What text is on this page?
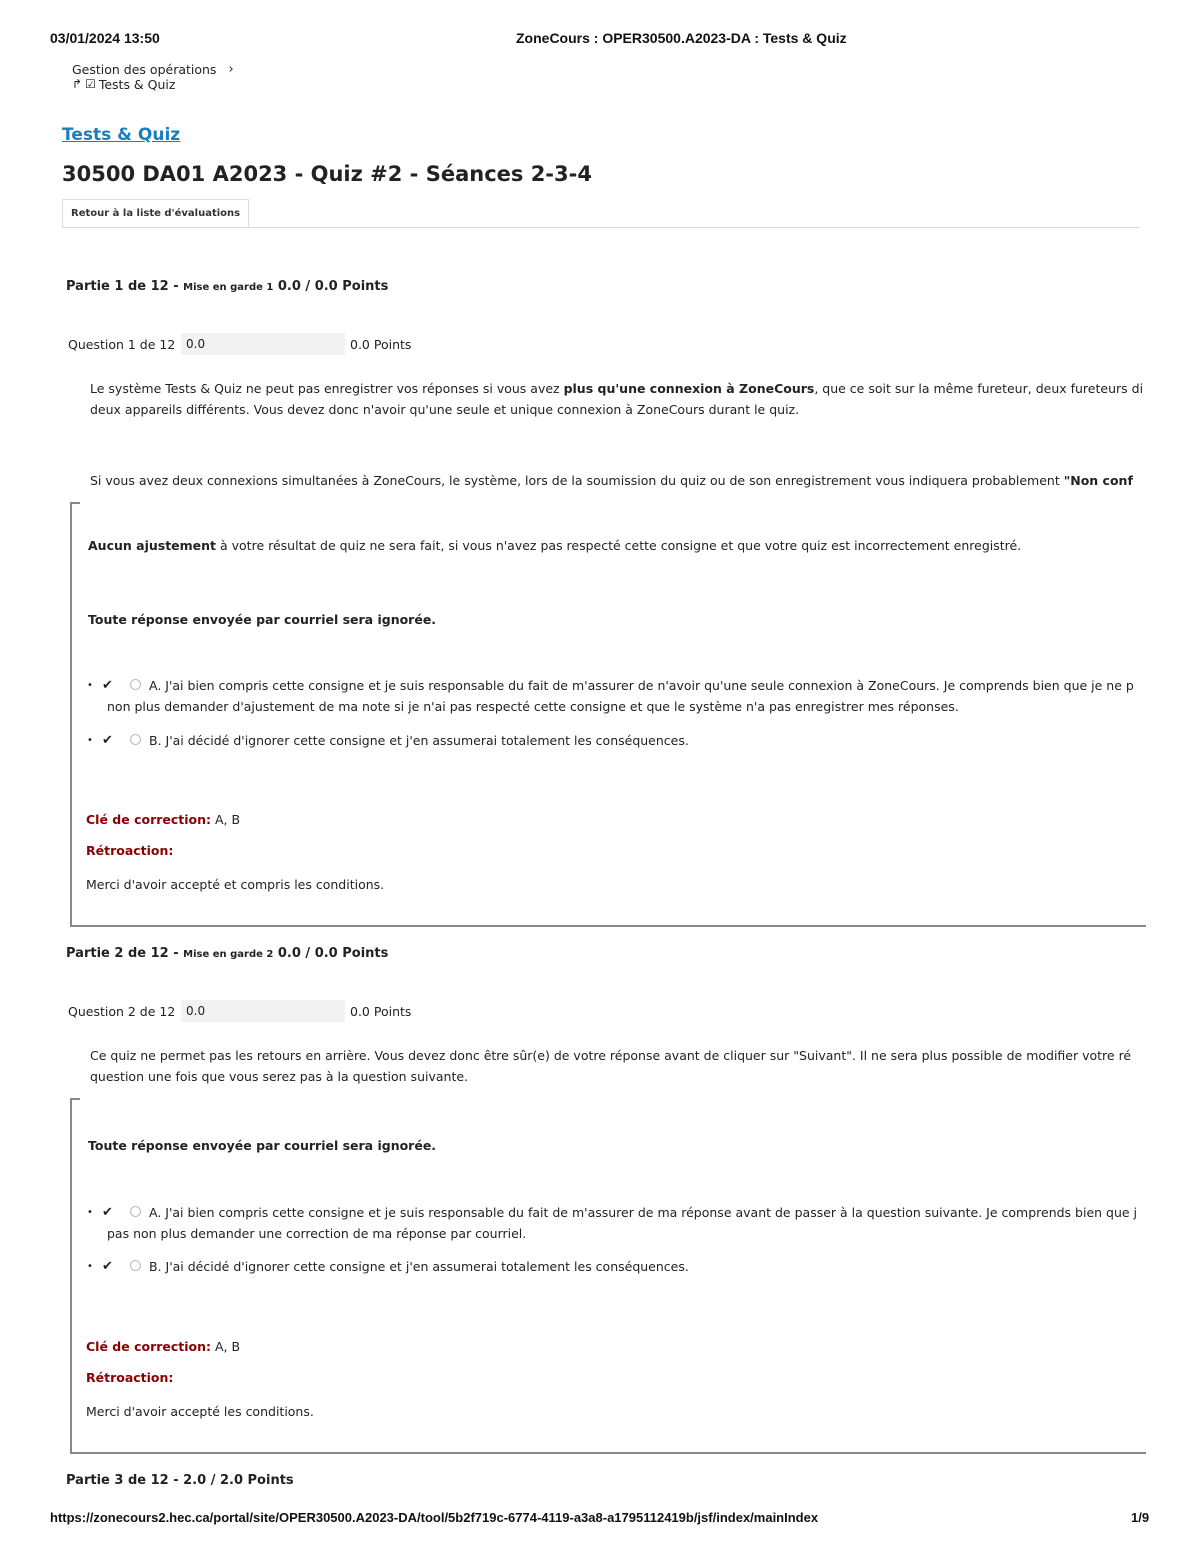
03/01/2024 13:50	ZoneCours : OPER30500.A2023-DA : Tests & Quiz
Gestion des opérations ›
↱ ☑ Tests & Quiz
Tests & Quiz
30500 DA01 A2023 - Quiz #2 - Séances 2-3-4
Retour à la liste d'évaluations
Partie 1 de 12 - Mise en garde 1 0.0 / 0.0 Points
Question 1 de 12
0.0	0.0 Points
Le système Tests & Quiz ne peut pas enregistrer vos réponses si vous avez plus qu'une connexion à ZoneCours, que ce soit sur la même fureteur, deux fureteurs di
deux appareils différents. Vous devez donc n'avoir qu'une seule et unique connexion à ZoneCours durant le quiz.
Si vous avez deux connexions simultanées à ZoneCours, le système, lors de la soumission du quiz ou de son enregistrement vous indiquera probablement "Non conf
Aucun ajustement à votre résultat de quiz ne sera fait, si vous n'avez pas respecté cette consigne et que votre quiz est incorrectement enregistré.
Toute réponse envoyée par courriel sera ignorée.
• ✔	A. J'ai bien compris cette consigne et je suis responsable du fait de m'assurer de n'avoir qu'une seule connexion à ZoneCours. Je comprends bien que je ne p
non plus demander d'ajustement de ma note si je n'ai pas respecté cette consigne et que le système n'a pas enregistrer mes réponses.
• ✔	B. J'ai décidé d'ignorer cette consigne et j'en assumerai totalement les conséquences.
Clé de correction: A, B
Rétroaction:
Merci d'avoir accepté et compris les conditions.
Partie 2 de 12 - Mise en garde 2 0.0 / 0.0 Points
Question 2 de 12
0.0	0.0 Points
Ce quiz ne permet pas les retours en arrière. Vous devez donc être sûr(e) de votre réponse avant de cliquer sur "Suivant". Il ne sera plus possible de modifier votre ré
question une fois que vous serez pas à la question suivante.
Toute réponse envoyée par courriel sera ignorée.
• ✔	A. J'ai bien compris cette consigne et je suis responsable du fait de m'assurer de ma réponse avant de passer à la question suivante. Je comprends bien que j
pas non plus demander une correction de ma réponse par courriel.
• ✔	B. J'ai décidé d'ignorer cette consigne et j'en assumerai totalement les conséquences.
Clé de correction: A, B
Rétroaction:
Merci d'avoir accepté les conditions.
Partie 3 de 12 - 2.0 / 2.0 Points
https://zonecours2.hec.ca/portal/site/OPER30500.A2023-DA/tool/5b2f719c-6774-4119-a3a8-a1795112419b/jsf/index/mainIndex	1/9
